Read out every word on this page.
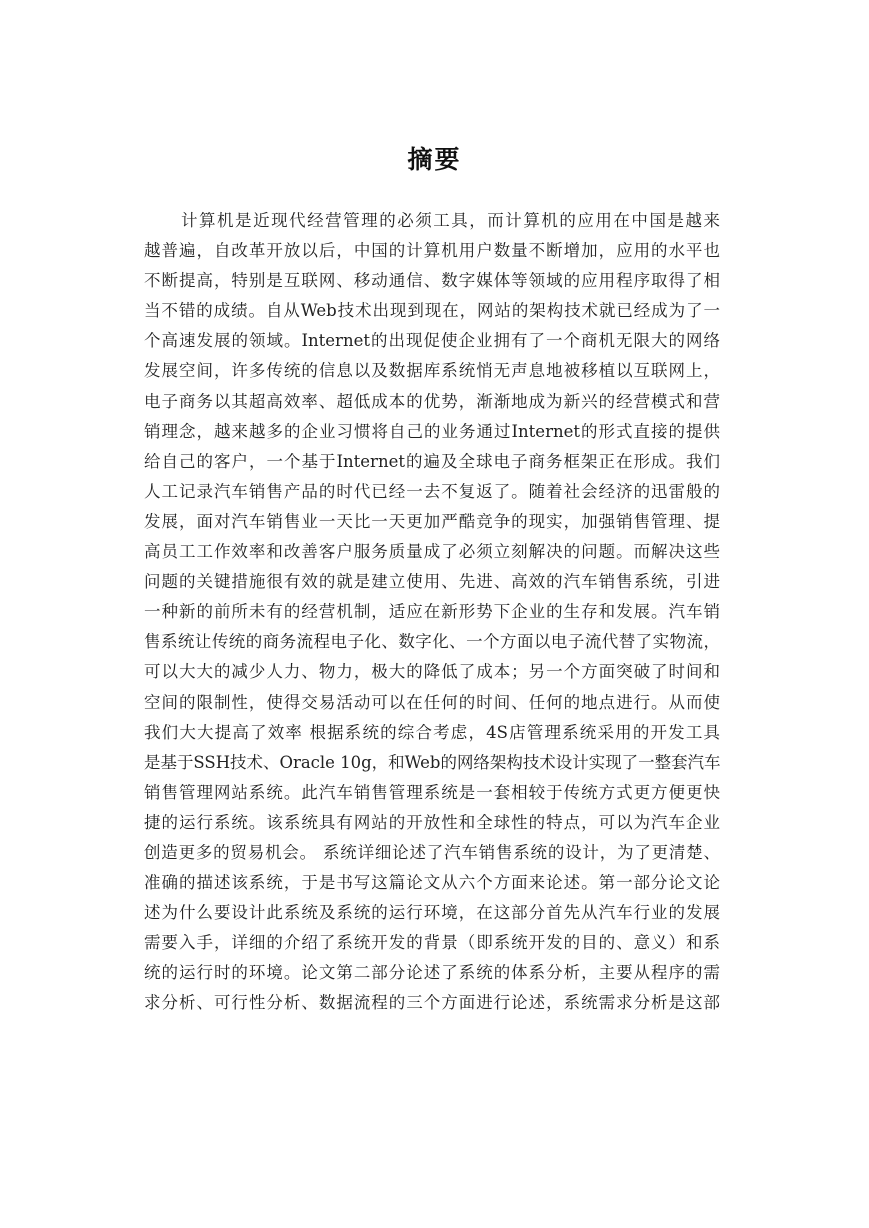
摘要
计算机是近现代经营管理的必须工具，而计算机的应用在中国是越来
越普遍，自改革开放以后，中国的计算机用户数量不断增加，应用的水平也
不断提高，特别是互联网、移动通信、数字媒体等领域的应用程序取得了相
当不错的成绩。自从Web技术出现到现在，网站的架构技术就已经成为了一
个高速发展的领域。Internet的出现促使企业拥有了一个商机无限大的网络
发展空间，许多传统的信息以及数据库系统悄无声息地被移植以互联网上，
电子商务以其超高效率、超低成本的优势，渐渐地成为新兴的经营模式和营
销理念，越来越多的企业习惯将自己的业务通过Internet的形式直接的提供
给自己的客户，一个基于Internet的遍及全球电子商务框架正在形成。我们
人工记录汽车销售产品的时代已经一去不复返了。随着社会经济的迅雷般的
发展，面对汽车销售业一天比一天更加严酷竞争的现实，加强销售管理、提
高员工工作效率和改善客户服务质量成了必须立刻解决的问题。而解决这些
问题的关键措施很有效的就是建立使用、先进、高效的汽车销售系统，引进
一种新的前所未有的经营机制，适应在新形势下企业的生存和发展。汽车销
售系统让传统的商务流程电子化、数字化、一个方面以电子流代替了实物流，
可以大大的减少人力、物力，极大的降低了成本；另一个方面突破了时间和
空间的限制性，使得交易活动可以在任何的时间、任何的地点进行。从而使
我们大大提高了效率 根据系统的综合考虑，4S店管理系统采用的开发工具
是基于SSH技术、Oracle 10g，和Web的网络架构技术设计实现了一整套汽车
销售管理网站系统。此汽车销售管理系统是一套相较于传统方式更方便更快
捷的运行系统。该系统具有网站的开放性和全球性的特点，可以为汽车企业
创造更多的贸易机会。 系统详细论述了汽车销售系统的设计，为了更清楚、
准确的描述该系统，于是书写这篇论文从六个方面来论述。第一部分论文论
述为什么要设计此系统及系统的运行环境，在这部分首先从汽车行业的发展
需要入手，详细的介绍了系统开发的背景（即系统开发的目的、意义）和系
统的运行时的环境。论文第二部分论述了系统的体系分析，主要从程序的需
求分析、可行性分析、数据流程的三个方面进行论述，系统需求分析是这部
